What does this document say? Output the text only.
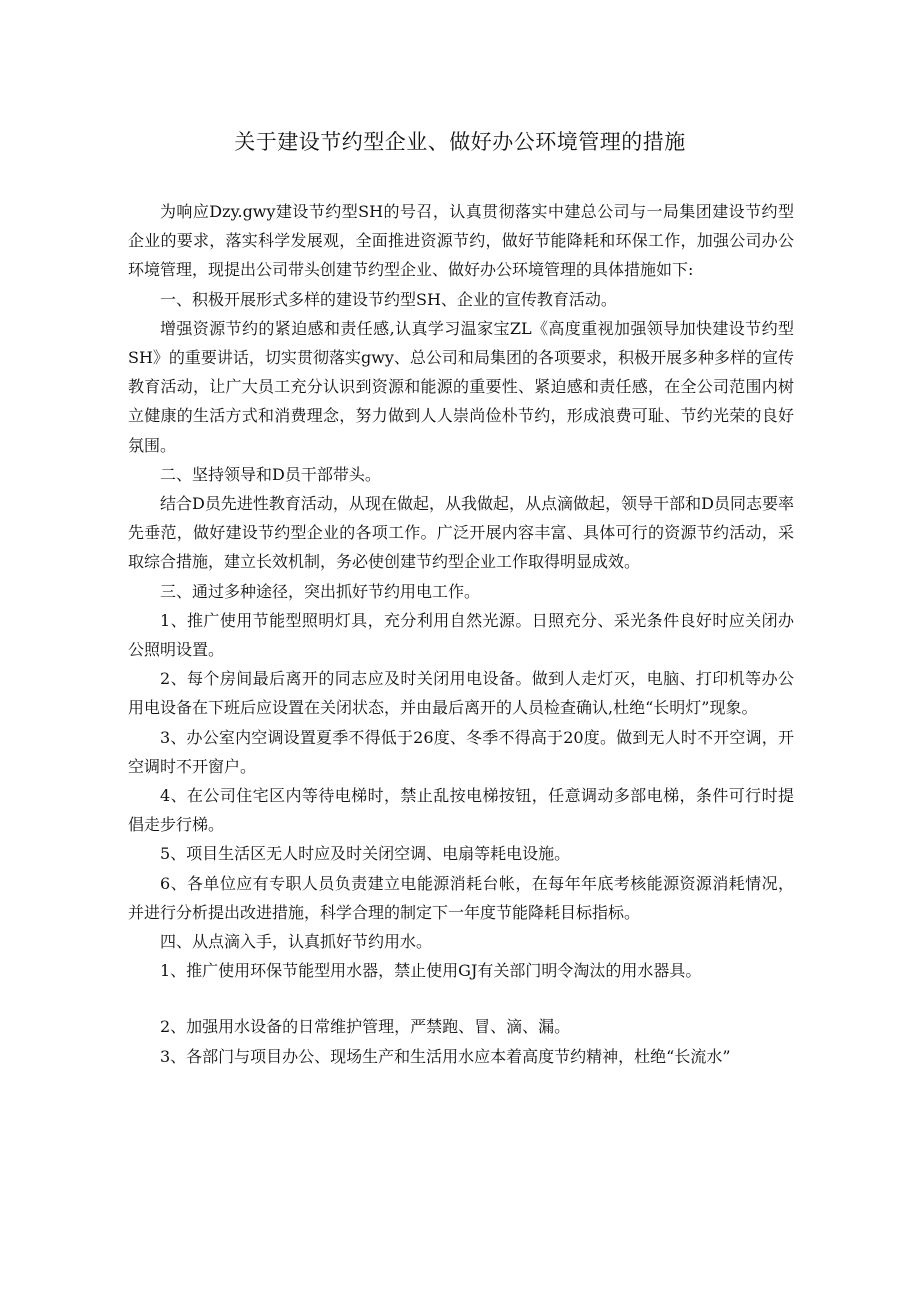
关于建设节约型企业、做好办公环境管理的措施

为响应Dzy.gwy建设节约型SH的号召，认真贯彻落实中建总公司与一局集团建设节约型企业的要求，落实科学发展观，全面推进资源节约，做好节能降耗和环保工作，加强公司办公环境管理，现提出公司带头创建节约型企业、做好办公环境管理的具体措施如下:

一、积极开展形式多样的建设节约型SH、企业的宣传教育活动。

增强资源节约的紧迫感和责任感,认真学习温家宝ZL《高度重视加强领导加快建设节约型SH》的重要讲话，切实贯彻落实gwy、总公司和局集团的各项要求，积极开展多种多样的宣传教育活动，让广大员工充分认识到资源和能源的重要性、紧迫感和责任感，在全公司范围内树立健康的生活方式和消费理念，努力做到人人崇尚俭朴节约，形成浪费可耻、节约光荣的良好氛围。

二、坚持领导和D员干部带头。

结合D员先进性教育活动，从现在做起，从我做起，从点滴做起，领导干部和D员同志要率先垂范，做好建设节约型企业的各项工作。广泛开展内容丰富、具体可行的资源节约活动，采取综合措施，建立长效机制，务必使创建节约型企业工作取得明显成效。

三、通过多种途径，突出抓好节约用电工作。

1、推广使用节能型照明灯具，充分利用自然光源。日照充分、采光条件良好时应关闭办公照明设置。

2、每个房间最后离开的同志应及时关闭用电设备。做到人走灯灭，电脑、打印机等办公用电设备在下班后应设置在关闭状态，并由最后离开的人员检查确认,杜绝“长明灯”现象。

3、办公室内空调设置夏季不得低于26度、冬季不得高于20度。做到无人时不开空调，开空调时不开窗户。

4、在公司住宅区内等待电梯时，禁止乱按电梯按钮，任意调动多部电梯，条件可行时提倡走步行梯。

5、项目生活区无人时应及时关闭空调、电扇等耗电设施。

6、各单位应有专职人员负责建立电能源消耗台帐，在每年年底考核能源资源消耗情况，并进行分析提出改进措施，科学合理的制定下一年度节能降耗目标指标。

四、从点滴入手，认真抓好节约用水。

1、推广使用环保节能型用水器，禁止使用GJ有关部门明令淘汰的用水器具。

2、加强用水设备的日常维护管理，严禁跑、冒、滴、漏。

3、各部门与项目办公、现场生产和生活用水应本着高度节约精神，杜绝“长流水”
